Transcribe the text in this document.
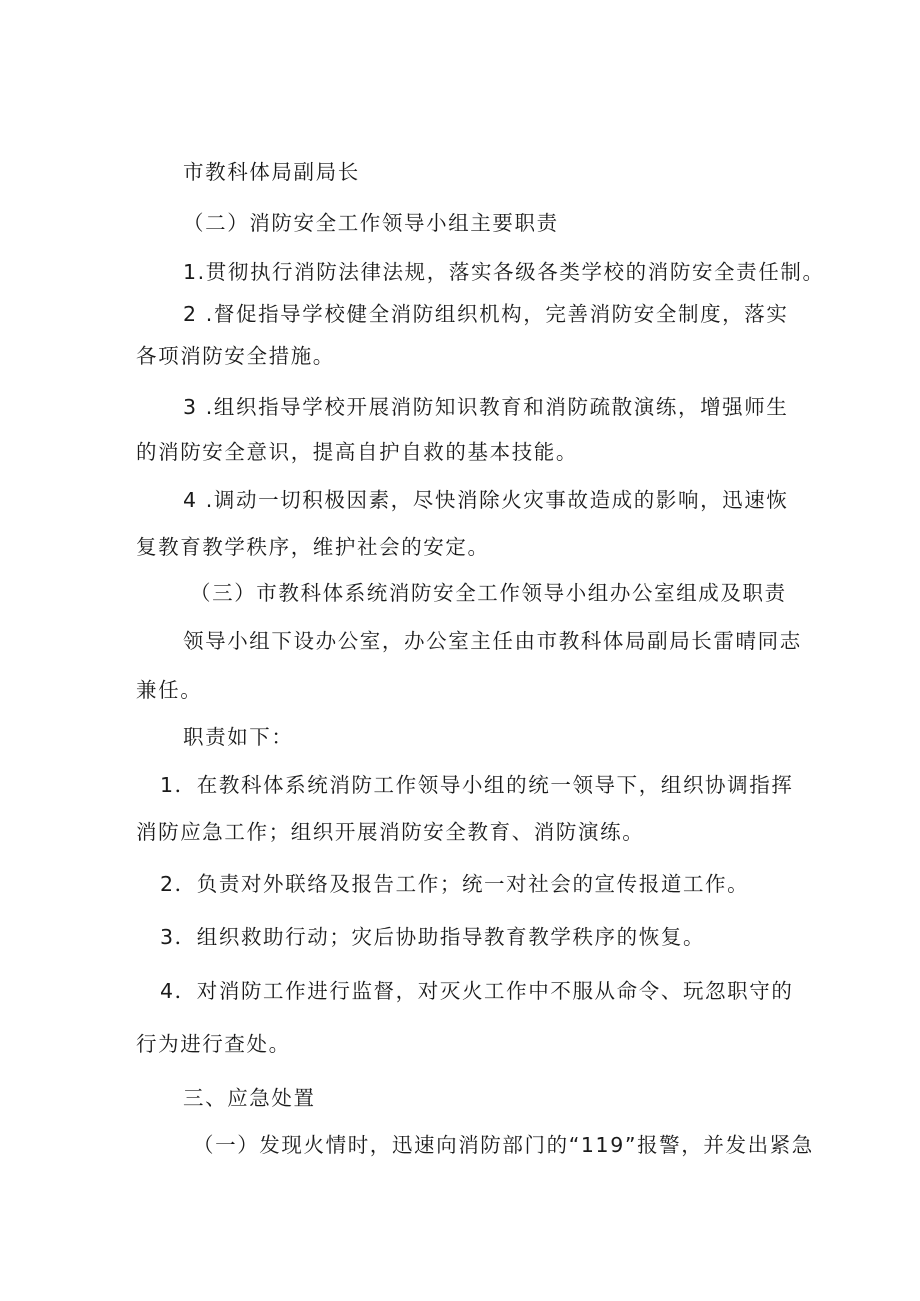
市教科体局副局长
（二）消防安全工作领导小组主要职责
1.贯彻执行消防法律法规，落实各级各类学校的消防安全责任制。
2 .督促指导学校健全消防组织机构，完善消防安全制度，落实
各项消防安全措施。
3 .组织指导学校开展消防知识教育和消防疏散演练，增强师生
的消防安全意识，提高自护自救的基本技能。
4 .调动一切积极因素，尽快消除火灾事故造成的影响，迅速恢
复教育教学秩序，维护社会的安定。
（三）市教科体系统消防安全工作领导小组办公室组成及职责
领导小组下设办公室，办公室主任由市教科体局副局长雷晴同志
兼任。
职责如下：
1．在教科体系统消防工作领导小组的统一领导下，组织协调指挥
消防应急工作；组织开展消防安全教育、消防演练。
2．负责对外联络及报告工作；统一对社会的宣传报道工作。
3．组织救助行动；灾后协助指导教育教学秩序的恢复。
4．对消防工作进行监督，对灭火工作中不服从命令、玩忽职守的
行为进行查处。
三、应急处置
（一）发现火情时，迅速向消防部门的“119”报警，并发出紧急
